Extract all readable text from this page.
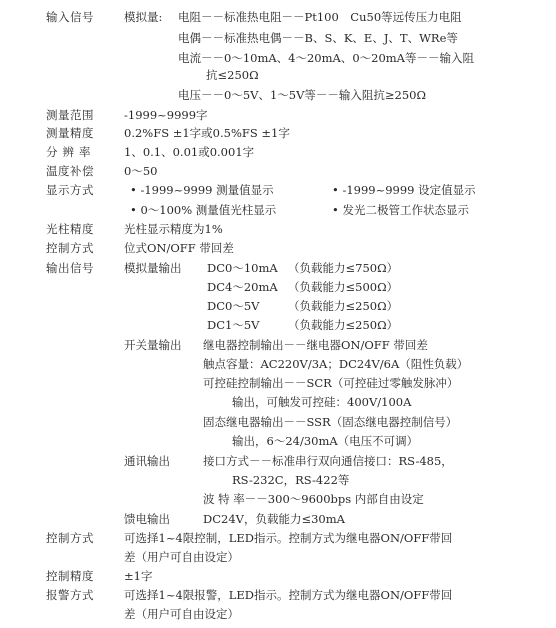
输入信号	模拟量: 电阻－－标准热电阻－－Pt100　Cu50等远传压力电阻
电偶－－标准热电偶－－B、S、K、E、J、T、WRe等
电流－－0～10mA、4～20mA、0～20mA等－－输入阻
抗≤250Ω
电压－－0～5V、1～5V等－－输入阻抗≥250Ω
测量范围	-1999~9999字
测量精度	0.2%FS ±1字或0.5%FS ±1字
分辨率 1、0.1、0.01或0.001字
温度补偿	0～50
显示方式	• -1999~9999 测量值显示	• -1999~9999 设定值显示
• 0～100% 测量值光柱显示	• 发光二极管工作状态显示
光柱精度	光柱显示精度为1%
控制方式	位式ON/OFF 带回差
输出信号	模拟量输出 DC0～10mA （负载能力≤750Ω）
DC4～20mA （负载能力≤500Ω）
DC0～5V （负载能力≤250Ω）
DC1～5V （负载能力≤250Ω）
开关量输出 继电器控制输出－－继电器ON/OFF 带回差
触点容量：AC220V/3A；DC24V/6A（阻性负载）
可控硅控制输出－－SCR（可控硅过零触发脉冲）
输出，可触发可控硅：400V/100A
固态继电器输出－－SSR（固态继电器控制信号）
输出，6～24/30mA（电压不可调）
通讯输出	接口方式－－标准串行双向通信接口：RS-485，
RS-232C，RS-422等
波 特 率－－300～9600bps 内部自由设定
馈电输出	DC24V，负载能力≤30mA
控制方式	可选择1~4限控制，LED指示。控制方式为继电器ON/OFF带回
差（用户可自由设定）
控制精度	±1字
报警方式	可选择1~4限报警，LED指示。控制方式为继电器ON/OFF带回
差（用户可自由设定）
